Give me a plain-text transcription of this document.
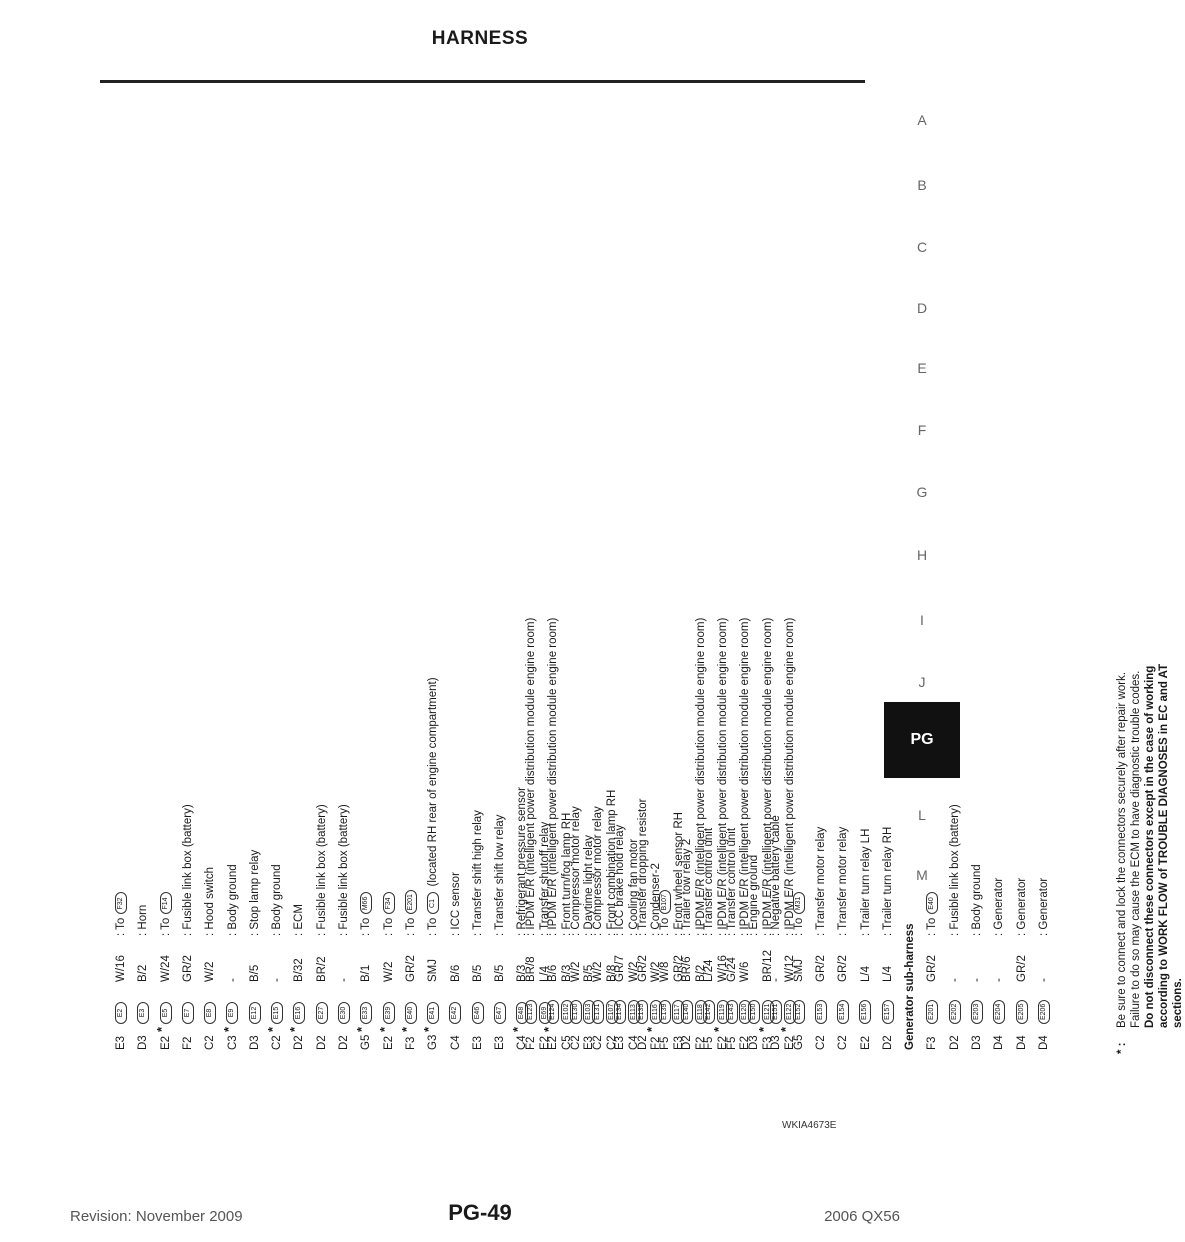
HARNESS
A
B
C
D
E
F
G
H
I
J
PG
L
M
E3E2W/16: To F32
D3E3B/2: Horn
E2
*
E5W/24: To F14
F2E7GR/2: Fusible link box (battery)
C2E8W/2: Hood switch
C3
*
E9-: Body ground
D3E12B/5: Stop lamp relay
C2
*
E15-: Body ground
D2
*
E16B/32: ECM
D2E27BR/2: Fusible link box (battery)
D2E30-: Fusible link box (battery)
G5
*
E33B/1: To M66
E2
*
E39W/2: To F34
F3
*
E40GR/2: To E201
G3
*
E41SMJ: To C1(located RH rear of engine compartment)
C4E42B/6: ICC sensor
E3E46B/5: Transfer shift high relay
E3E47B/5: Transfer shift low relay
C4
*
E48B/3: Refrigerant pressure sensor
E2E69L/4: Transfer shutoff relay
C5E102B/3: Front turn/fog lamp RH
E3E103B/5: Daytime light relay
C2E107B/8: Front combination lamp RH
C4E113W/2: Cooling fan motor
F2
*
E116W/2: Condenser-2
E3E117GR/2: Front wheel sensor RH
F2E118B/2: IPDM E/R (intelligent power distribution module engine room)
E2
*
E119W/16: IPDM E/R (intelligent power distribution module engine room)
E2E120W/6: IPDM E/R (intelligent power distribution module engine room)
F3
*
E121BR/12: IPDM E/R (intelligent power distribution module engine room)
E2
*
E122W/12: IPDM E/R (intelligent power distribution module engine room)
F2E123BR/8: IPDM E/R (intelligent power distribution module engine room)
E2
*
E124B/6: IPDM E/R (intelligent power distribution module engine room)
C2E130W/2: Compressor motor relay
C2E131W/2: Compressor motor relay
E3E134GR/7: ICC brake hold relay
D2E135GR/2: Transfer dropping resistor
F5E139W/8: To B107
D2E140BR/6: Trailer tow relay 2
F5E142L/24: Transfer control unit
F5E143G/24: Transfer control unit
D3E150: Engine ground
D3E151-: Negative battery cable
G5E152SMJ: To M31
C2E153GR/2: Transfer motor relay
C2E154GR/2: Transfer motor relay
E2E156L/4: Trailer turn relay LH
D2E157L/4: Trailer turn relay RH
Generator sub-harness F3E201GR/2: To E40
D2E202-: Fusible link box (battery)
D3E203-: Body ground
D4E204-: Generator
D4E205GR/2: Generator
D4E206-: Generator
* :
Be sure to connect and lock the connectors securely after repair work. Failure to do so may cause the ECM to have diagnostic trouble codes. Do not disconnect these connectors except in the case of working according to WORK FLOW of TROUBLE DIAGNOSES in EC and AT sections.
WKIA4673E
Revision: November 2009	PG-49	2006 QX56
